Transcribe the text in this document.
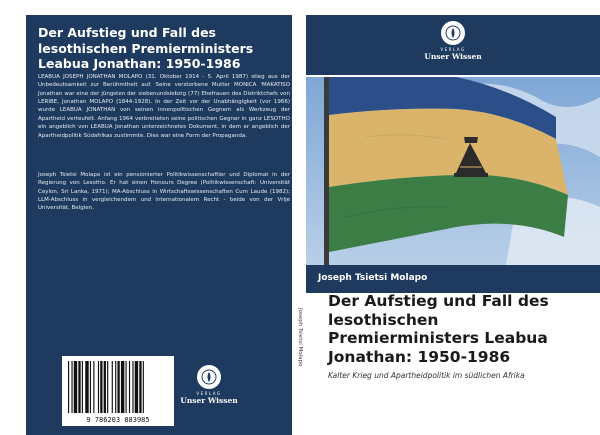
Der Aufstieg und Fall des
lesothischen Premierministers
Leabua Jonathan: 1950-1986

LEABUA JOSEPH JONATHAN MOLAPO (31. Oktober 1914 - 5. April 1987) stieg aus der Unbedeutsamkeit zur Berühmtheit auf. Seine verstorbene Mutter MONICA 'MAKATISO Jonathan war eine der jüngsten der siebenundsiebzig (77) Ehefrauen des Distriktchefs von LERIBE, Jonathan MOLAPO (1844-1928). In der Zeit vor der Unabhängigkeit (vor 1966) wurde LEABUA JONATHAN von seinen innenpolitischen Gegnern als Werkzeug der Apartheid verteufelt. Anfang 1964 verbreiteten seine politischen Gegner in ganz LESOTHO ein angeblich von LEABUA Jonathan unterzeichnetes Dokument, in dem er angeblich der Apartheidpolitik Südafrikas zustimmte. Dies war eine Form der Propaganda.

Joseph Tsietsi Molapo ist ein pensionierter Politikwissenschaftler und Diplomat in der Regierung von Lesotho. Er hat einen Honours Degree (Politikwissenschaft: Universität Ceylon, Sri Lanka, 1971); MA-Abschluss in Wirtschaftswissenschaften Cum Laude (1982); LLM-Abschluss in vergleichendem und internationalem Recht - beide von der Vrije Universität, Belgien.

9 786203 883985
VERLAG
Unser Wissen
Joseph Tsietsi Molapo
VERLAG
Unser Wissen
Joseph Tsietsi Molapo
Der Aufstieg und Fall des
lesothischen
Premierministers Leabua
Jonathan: 1950-1986
Kalter Krieg und Apartheidpolitik im südlichen Afrika
